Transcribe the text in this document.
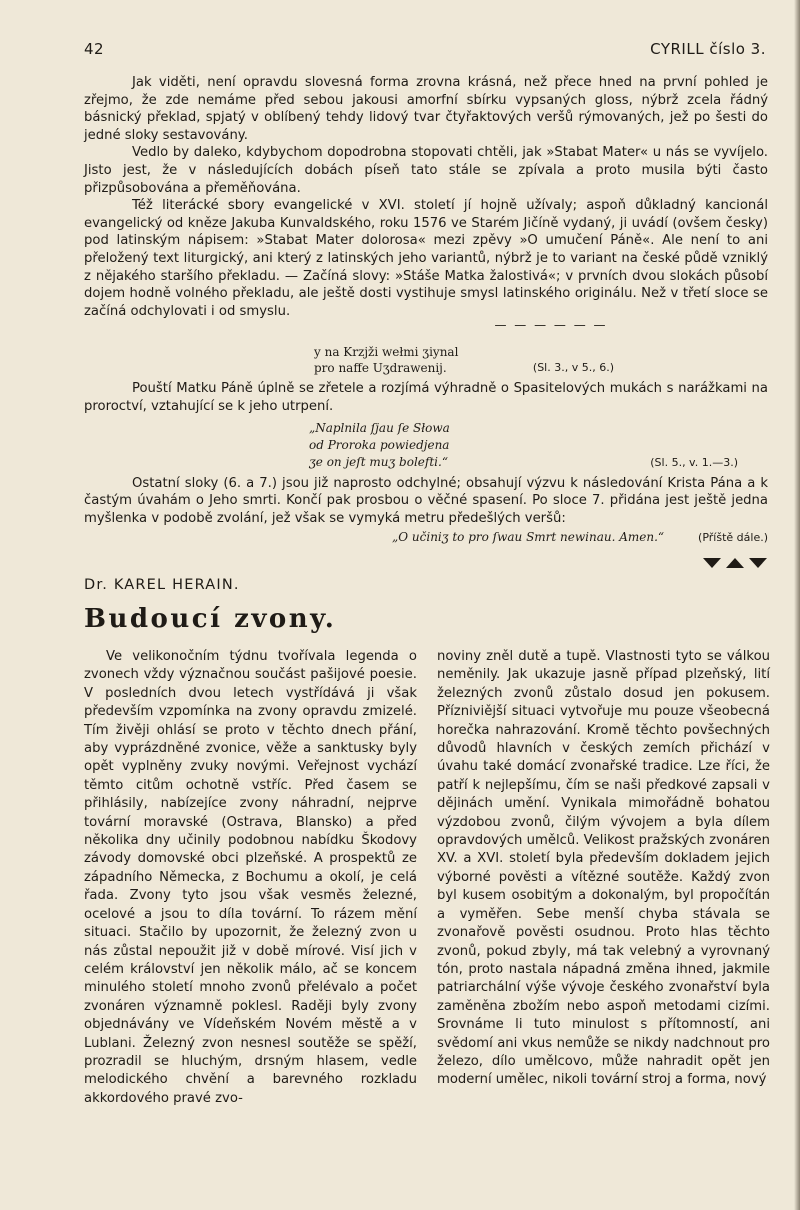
42	CYRILL číslo 3.

Jak viděti, není opravdu slovesná forma zrovna krásná, než přece hned na první pohled je zřejmo, že zde nemáme před sebou jakousi amorfní sbírku vypsaných gloss, nýbrž zcela řádný básnický překlad, spjatý v oblíbený tehdy lidový tvar čtyřaktových veršů rýmovaných, jež po šesti do jedné sloky sestavovány.

Vedlo by daleko, kdybychom dopodrobna stopovati chtěli, jak »Stabat Mater« u nás se vyvíjelo. Jisto jest, že v následujících dobách píseň tato stále se zpívala a proto musila býti často přizpůsobována a přeměňována.

Též literácké sbory evangelické v XVI. století jí hojně užívaly; aspoň důkladný kancionál evangelický od kněze Jakuba Kunvaldského, roku 1576 ve Starém Jičíně vydaný, ji uvádí (ovšem česky) pod latinským nápisem: »Stabat Mater dolorosa« mezi zpěvy »O umučení Páně«. Ale není to ani přeložený text liturgický, ani který z latinských jeho variantů, nýbrž je to variant na české půdě vzniklý z nějakého staršího překladu. — Začíná slovy: »Stáše Matka žalostivá«; v prvních dvou slokách působí dojem hodně volného překladu, ale ještě dosti vystihuje smysl latinského originálu. Než v třetí sloce se začíná odchylovati i od smyslu.

— — — — — —
y na Krzjži wełmi ʒiynal
pro naffe Uʒdrawenij.	(Sl. 3., v 5., 6.)

Pouští Matku Páně úplně se zřetele a rozjímá výhradně o Spasitelových mukách s narážkami na proroctví, vztahující se k jeho utrpení.

„Naplnila ſjau ſe Słowa
od Proroka powiedjena
ʒe on jeſt muʒ bolefti.“	(Sl. 5., v. 1.—3.)

Ostatní sloky (6. a 7.) jsou již naprosto odchylné; obsahují výzvu k následování Krista Pána a k častým úvahám o Jeho smrti. Končí pak prosbou o věčné spasení. Po sloce 7. přidána jest ještě jedna myšlenka v podobě zvolání, jež však se vymyká metru předešlých veršů:

„O učiniʒ to pro ſwau Smrt newinau. Amen.“	(Příště dále.)
Dr. KAREL HERAIN.
Budoucí zvony.

Ve velikonočním týdnu tvořívala legenda o zvonech vždy význačnou součást pašijové poesie. V posledních dvou letech vystřídává ji však především vzpomínka na zvony opravdu zmizelé. Tím živěji ohlásí se proto v těchto dnech přání, aby vyprázdněné zvonice, věže a sanktusky byly opět vyplněny zvuky novými. Veřejnost vychází těmto citům ochotně vstříc. Před časem se přihlásily, nabízejíce zvony náhradní, nejprve tovární moravské (Ostrava, Blansko) a před několika dny učinily podobnou nabídku Škodovy závody domovské obci plzeňské. A prospektů ze západního Německa, z Bochumu a okolí, je celá řada. Zvony tyto jsou však vesměs železné, ocelové a jsou to díla tovární. To rázem mění situaci. Stačilo by upozornit, že železný zvon u nás zůstal nepoužit již v době mírové. Visí jich v celém království jen několik málo, ač se koncem minulého století mnoho zvonů přelévalo a počet zvonáren významně poklesl. Raději byly zvony objednávány ve Vídeňském Novém městě a v Lublani. Železný zvon nesnesl soutěže se spěží, prozradil se hluchým, drsným hlasem, vedle melodického chvění a barevného rozkladu akkordového pravé zvo-

noviny zněl dutě a tupě. Vlastnosti tyto se válkou neměnily. Jak ukazuje jasně případ plzeňský, lití železných zvonů zůstalo dosud jen pokusem. Přízniviější situaci vytvořuje mu pouze všeobecná horečka nahrazování. Kromě těchto povšechných důvodů hlavních v českých zemích přichází v úvahu také domácí zvonařské tradice. Lze říci, že patří k nejlepšímu, čím se naši předkové zapsali v dějinách umění. Vynikala mimořádně bohatou výzdobou zvonů, čilým vývojem a byla dílem opravdových umělců. Velikost pražských zvonáren XV. a XVI. století byla především dokladem jejich výborné pověsti a vítězné soutěže. Každý zvon byl kusem osobitým a dokonalým, byl propočítán a vyměřen. Sebe menší chyba stávala se zvonařově pověsti osudnou. Proto hlas těchto zvonů, pokud zbyly, má tak velebný a vyrovnaný tón, proto nastala nápadná změna ihned, jakmile patriarchální výše vývoje českého zvonařství byla zaměněna zbožím nebo aspoň metodami cizími. Srovnáme li tuto minulost s přítomností, ani svědomí ani vkus nemůže se nikdy nadchnout pro železo, dílo umělcovo, může nahradit opět jen moderní umělec, nikoli tovární stroj a forma, nový
